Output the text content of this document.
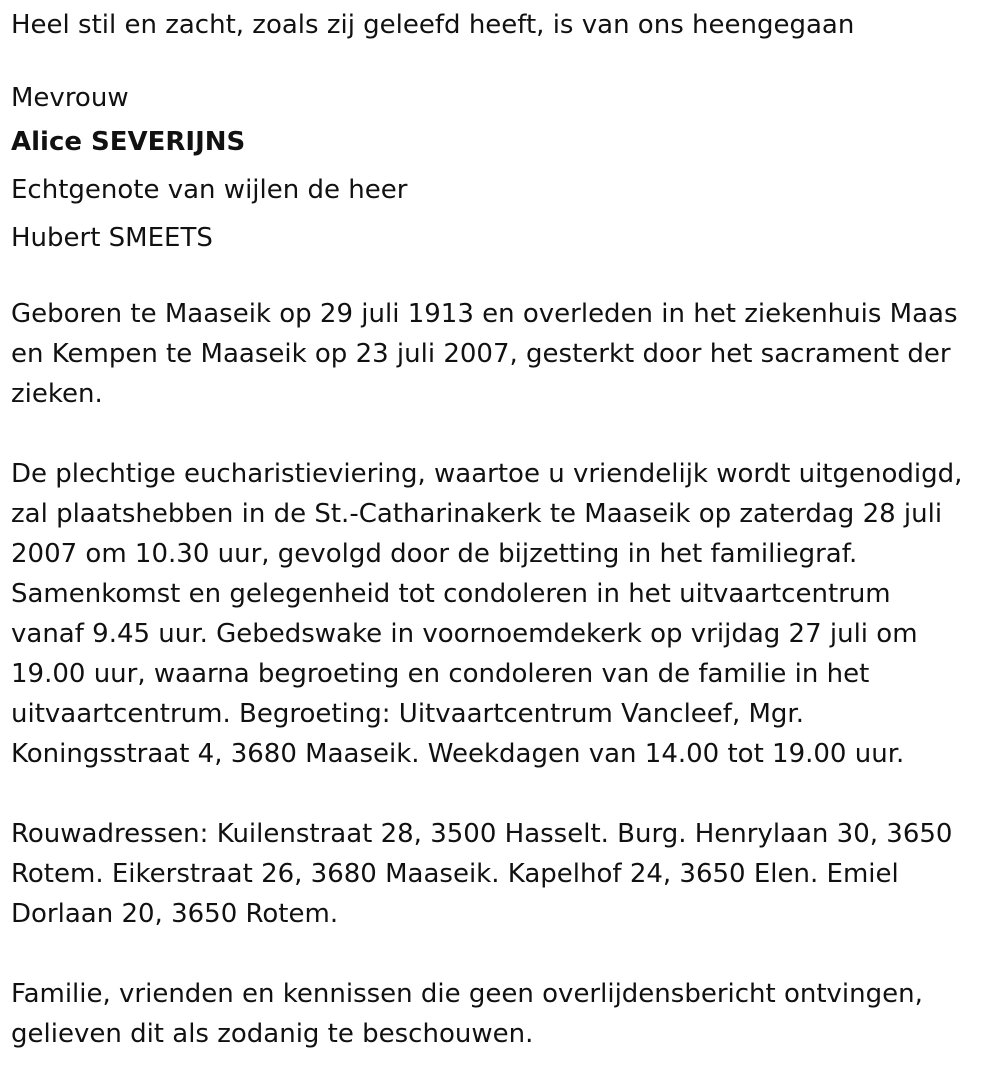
Heel stil en zacht, zoals zij geleefd heeft, is van ons heengegaan

Mevrouw

Alice SEVERIJNS

Echtgenote van wijlen de heer

Hubert SMEETS

Geboren te Maaseik op 29 juli 1913 en overleden in het ziekenhuis Maas
en Kempen te Maaseik op 23 juli 2007, gesterkt door het sacrament der
zieken.

De plechtige eucharistieviering, waartoe u vriendelijk wordt uitgenodigd,
zal plaatshebben in de St.-Catharinakerk te Maaseik op zaterdag 28 juli
2007 om 10.30 uur, gevolgd door de bijzetting in het familiegraf.
Samenkomst en gelegenheid tot condoleren in het uitvaartcentrum
vanaf 9.45 uur. Gebedswake in voornoemdekerk op vrijdag 27 juli om
19.00 uur, waarna begroeting en condoleren van de familie in het
uitvaartcentrum. Begroeting: Uitvaartcentrum Vancleef, Mgr.
Koningsstraat 4, 3680 Maaseik. Weekdagen van 14.00 tot 19.00 uur.

Rouwadressen: Kuilenstraat 28, 3500 Hasselt. Burg. Henrylaan 30, 3650
Rotem. Eikerstraat 26, 3680 Maaseik. Kapelhof 24, 3650 Elen. Emiel
Dorlaan 20, 3650 Rotem.

Familie, vrienden en kennissen die geen overlijdensbericht ontvingen,
gelieven dit als zodanig te beschouwen.
